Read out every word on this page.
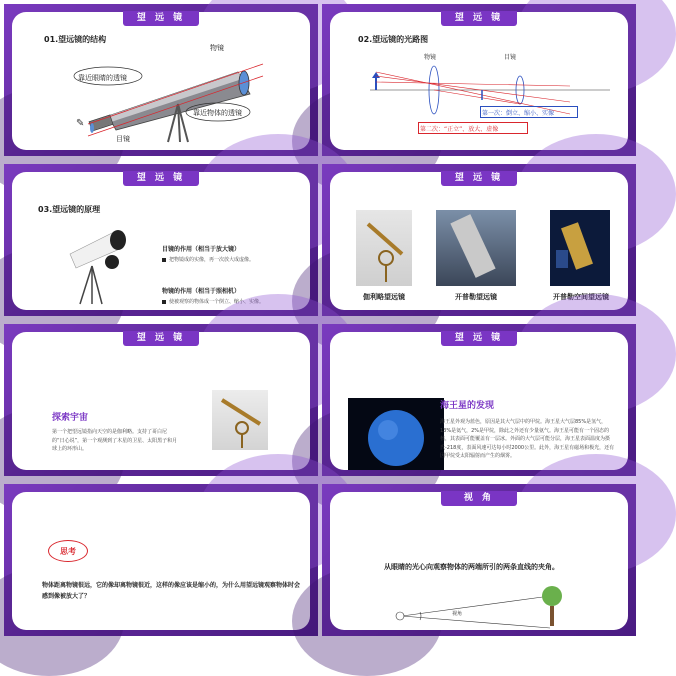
望 远 镜
01.望远镜的结构
✎
物镜
靠近眼睛的透镜
靠近物体的透镜
目镜
望 远 镜
02.望远镜的光路图
物镜	目镜
第一次：倒立、缩小、实像
第二次：“正立”、放大、虚像
望 远 镜
03.望远镜的原理
目镜的作用（相当于放大镜）
把物镜成的实像，再一次放大成虚像。
物镜的作用（相当于照相机）
使被观察的物体成一个倒立、缩小、实像。
望 远 镜
伽利略望远镜	开普勒望远镜	开普勒空间望远镜
望 远 镜
探索宇宙
第一个把望远镜指向天空的是伽利略。支持了哥白尼的“日心说”，第一个观测到了木星的卫星、太阳黑子和月球上的环形山。
望 远 镜
海王星的发现
海王星外观为蓝色，原因是其大气层中的甲烷。海王星大气层85%是氢气，13%是氦气，2%是甲烷，除此之外还有少量氨气。海王星可能有一个固态的核，其表面可能覆盖有一层冰。外面的大气层可能分层，海王星表面温度为摄氏-218度，表面风速可达每小时2000公里。此外，海王星有磁场和极光，还有因甲烷受太阳辐射而产生的烟雾。
思考
物体距离物镜很远，它的像却离物镜很近，这样的像应该是缩小的，为什么用望远镜观察物体时会感到像被放大了？
视 角
从眼睛的光心向观察物体的两端所引的两条直线的夹角。
视角
